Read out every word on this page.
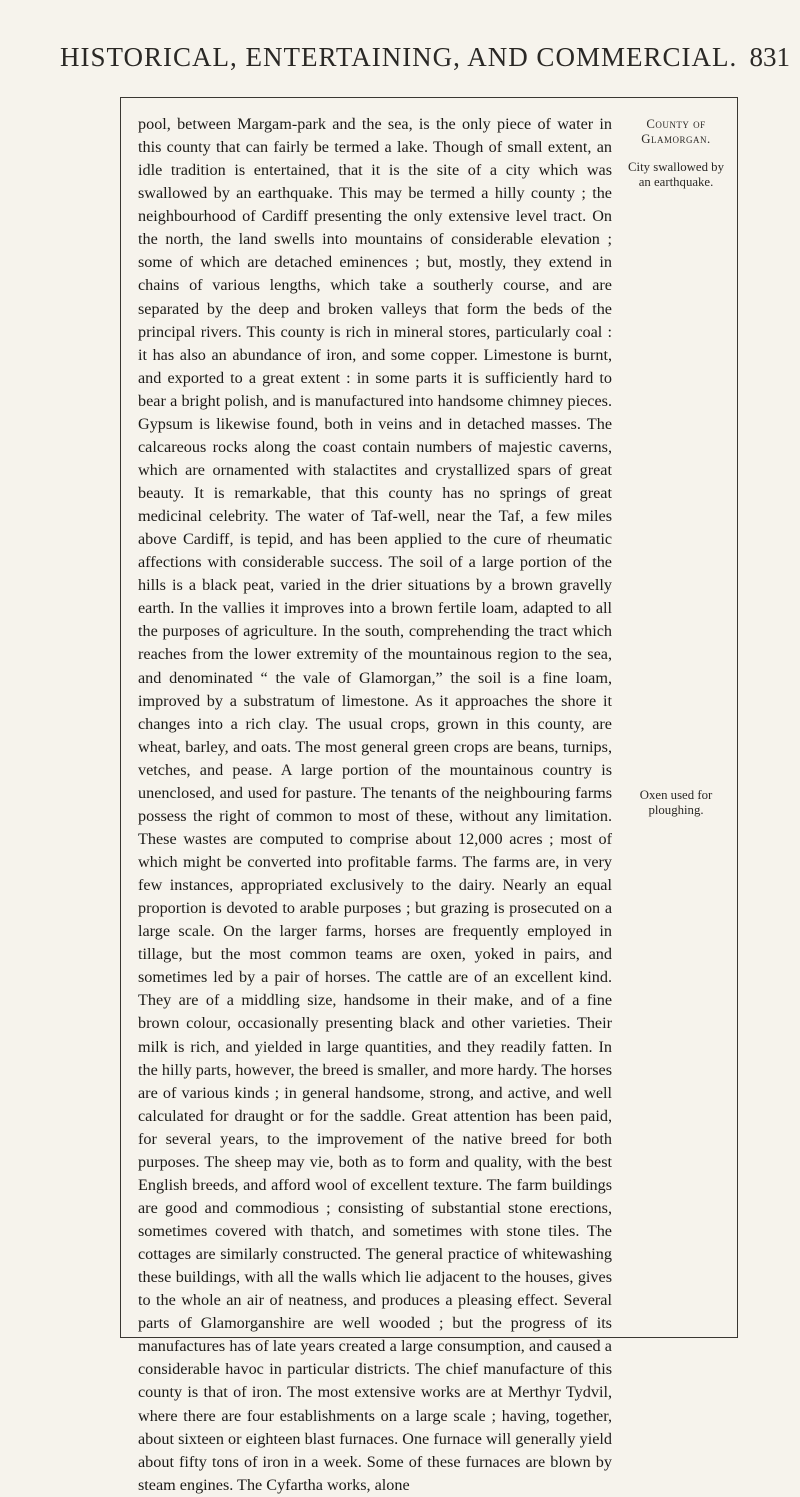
HISTORICAL, ENTERTAINING, AND COMMERCIAL. 831

pool, between Margam-park and the sea, is the only piece of water in this county that can fairly be termed a lake. Though of small extent, an idle tradition is entertained, that it is the site of a city which was swallowed by an earthquake. This may be termed a hilly county ; the neighbourhood of Cardiff presenting the only extensive level tract. On the north, the land swells into mountains of considerable elevation ; some of which are detached eminences ; but, mostly, they extend in chains of various lengths, which take a southerly course, and are separated by the deep and broken valleys that form the beds of the principal rivers. This county is rich in mineral stores, particularly coal : it has also an abundance of iron, and some copper. Limestone is burnt, and exported to a great extent : in some parts it is sufficiently hard to bear a bright polish, and is manufactured into handsome chimney pieces. Gypsum is likewise found, both in veins and in detached masses. The calcareous rocks along the coast contain numbers of majestic caverns, which are ornamented with stalactites and crystallized spars of great beauty. It is remarkable, that this county has no springs of great medicinal celebrity. The water of Taf-well, near the Taf, a few miles above Cardiff, is tepid, and has been applied to the cure of rheumatic affections with considerable success. The soil of a large portion of the hills is a black peat, varied in the drier situations by a brown gravelly earth. In the vallies it improves into a brown fertile loam, adapted to all the purposes of agriculture. In the south, comprehending the tract which reaches from the lower extremity of the mountainous region to the sea, and denominated “ the vale of Glamorgan,” the soil is a fine loam, improved by a substratum of limestone. As it approaches the shore it changes into a rich clay. The usual crops, grown in this county, are wheat, barley, and oats. The most general green crops are beans, turnips, vetches, and pease. A large portion of the mountainous country is unenclosed, and used for pasture. The tenants of the neighbouring farms possess the right of common to most of these, without any limitation. These wastes are computed to comprise about 12,000 acres ; most of which might be converted into profitable farms. The farms are, in very few instances, appropriated exclusively to the dairy. Nearly an equal proportion is devoted to arable purposes ; but grazing is prosecuted on a large scale. On the larger farms, horses are frequently employed in tillage, but the most common teams are oxen, yoked in pairs, and sometimes led by a pair of horses. The cattle are of an excellent kind. They are of a middling size, handsome in their make, and of a fine brown colour, occasionally presenting black and other varieties. Their milk is rich, and yielded in large quantities, and they readily fatten. In the hilly parts, however, the breed is smaller, and more hardy. The horses are of various kinds ; in general handsome, strong, and active, and well calculated for draught or for the saddle. Great attention has been paid, for several years, to the improvement of the native breed for both purposes. The sheep may vie, both as to form and quality, with the best English breeds, and afford wool of excellent texture. The farm buildings are good and commodious ; consisting of substantial stone erections, sometimes covered with thatch, and sometimes with stone tiles. The cottages are similarly constructed. The general practice of whitewashing these buildings, with all the walls which lie adjacent to the houses, gives to the whole an air of neatness, and produces a pleasing effect. Several parts of Glamorganshire are well wooded ; but the progress of its manufactures has of late years created a large consumption, and caused a considerable havoc in particular districts. The chief manufacture of this county is that of iron. The most extensive works are at Merthyr Tydvil, where there are four establishments on a large scale ; having, together, about sixteen or eighteen blast furnaces. One furnace will generally yield about fifty tons of iron in a week. Some of these furnaces are blown by steam engines. The Cyfartha works, alone

County of Glamorgan.

City swallowed by an earthquake.

Oxen used for ploughing.
